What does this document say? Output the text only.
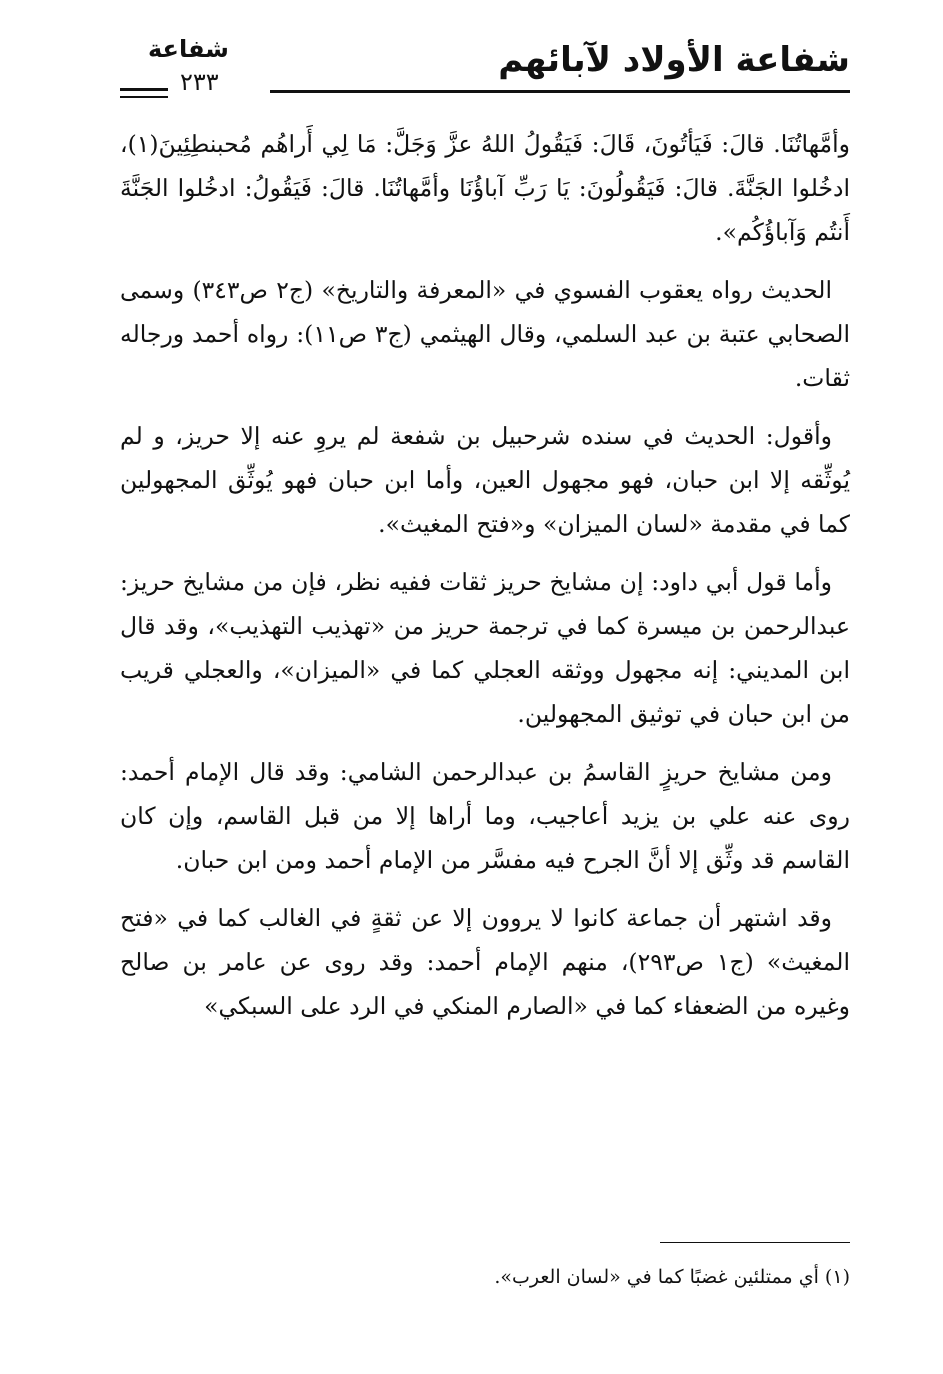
شفاعة الأولاد لآبائهم
شفاعة
٢٣٣

وأمَّهاتُنَا. قالَ: فَيَأتُونَ، قَالَ: فَيَقُولُ اللهُ عزَّ وَجَلَّ: مَا لِي أَراهُم مُحبنطِئِينَ(١)، ادخُلوا الجَنَّةَ. قالَ: فَيَقُولُونَ: يَا رَبِّ آباؤُنَا وأمَّهاتُنَا. قالَ: فَيَقُولُ: ادخُلوا الجَنَّةَ أَنتُم وَآباؤُكُم».

الحديث رواه يعقوب الفسوي في «المعرفة والتاريخ» (ج٢ ص٣٤٣) وسمى الصحابي عتبة بن عبد السلمي، وقال الهيثمي (ج٣ ص١١): رواه أحمد ورجاله ثقات.

وأقول: الحديث في سنده شرحبيل بن شفعة لم يروِ عنه إلا حريز، و لم يُوثِّقه إلا ابن حبان، فهو مجهول العين، وأما ابن حبان فهو يُوثِّق المجهولين كما في مقدمة «لسان الميزان» و«فتح المغيث».

وأما قول أبي داود: إن مشايخ حريز ثقات ففيه نظر، فإن من مشايخ حريز: عبدالرحمن بن ميسرة كما في ترجمة حريز من «تهذيب التهذيب»، وقد قال ابن المديني: إنه مجهول ووثقه العجلي كما في «الميزان»، والعجلي قريب من ابن حبان في توثيق المجهولين.

ومن مشايخ حريزٍ القاسمُ بن عبدالرحمن الشامي: وقد قال الإمام أحمد: روى عنه علي بن يزيد أعاجيب، وما أراها إلا من قبل القاسم، وإن كان القاسم قد وثِّق إلا أنَّ الجرح فيه مفسَّر من الإمام أحمد ومن ابن حبان.

وقد اشتهر أن جماعة كانوا لا يروون إلا عن ثقةٍ في الغالب كما في «فتح المغيث» (ج١ ص٢٩٣)، منهم الإمام أحمد: وقد روى عن عامر بن صالح وغيره من الضعفاء كما في «الصارم المنكي في الرد على السبكي»

(١) أي ممتلئين غضبًا كما في «لسان العرب».
